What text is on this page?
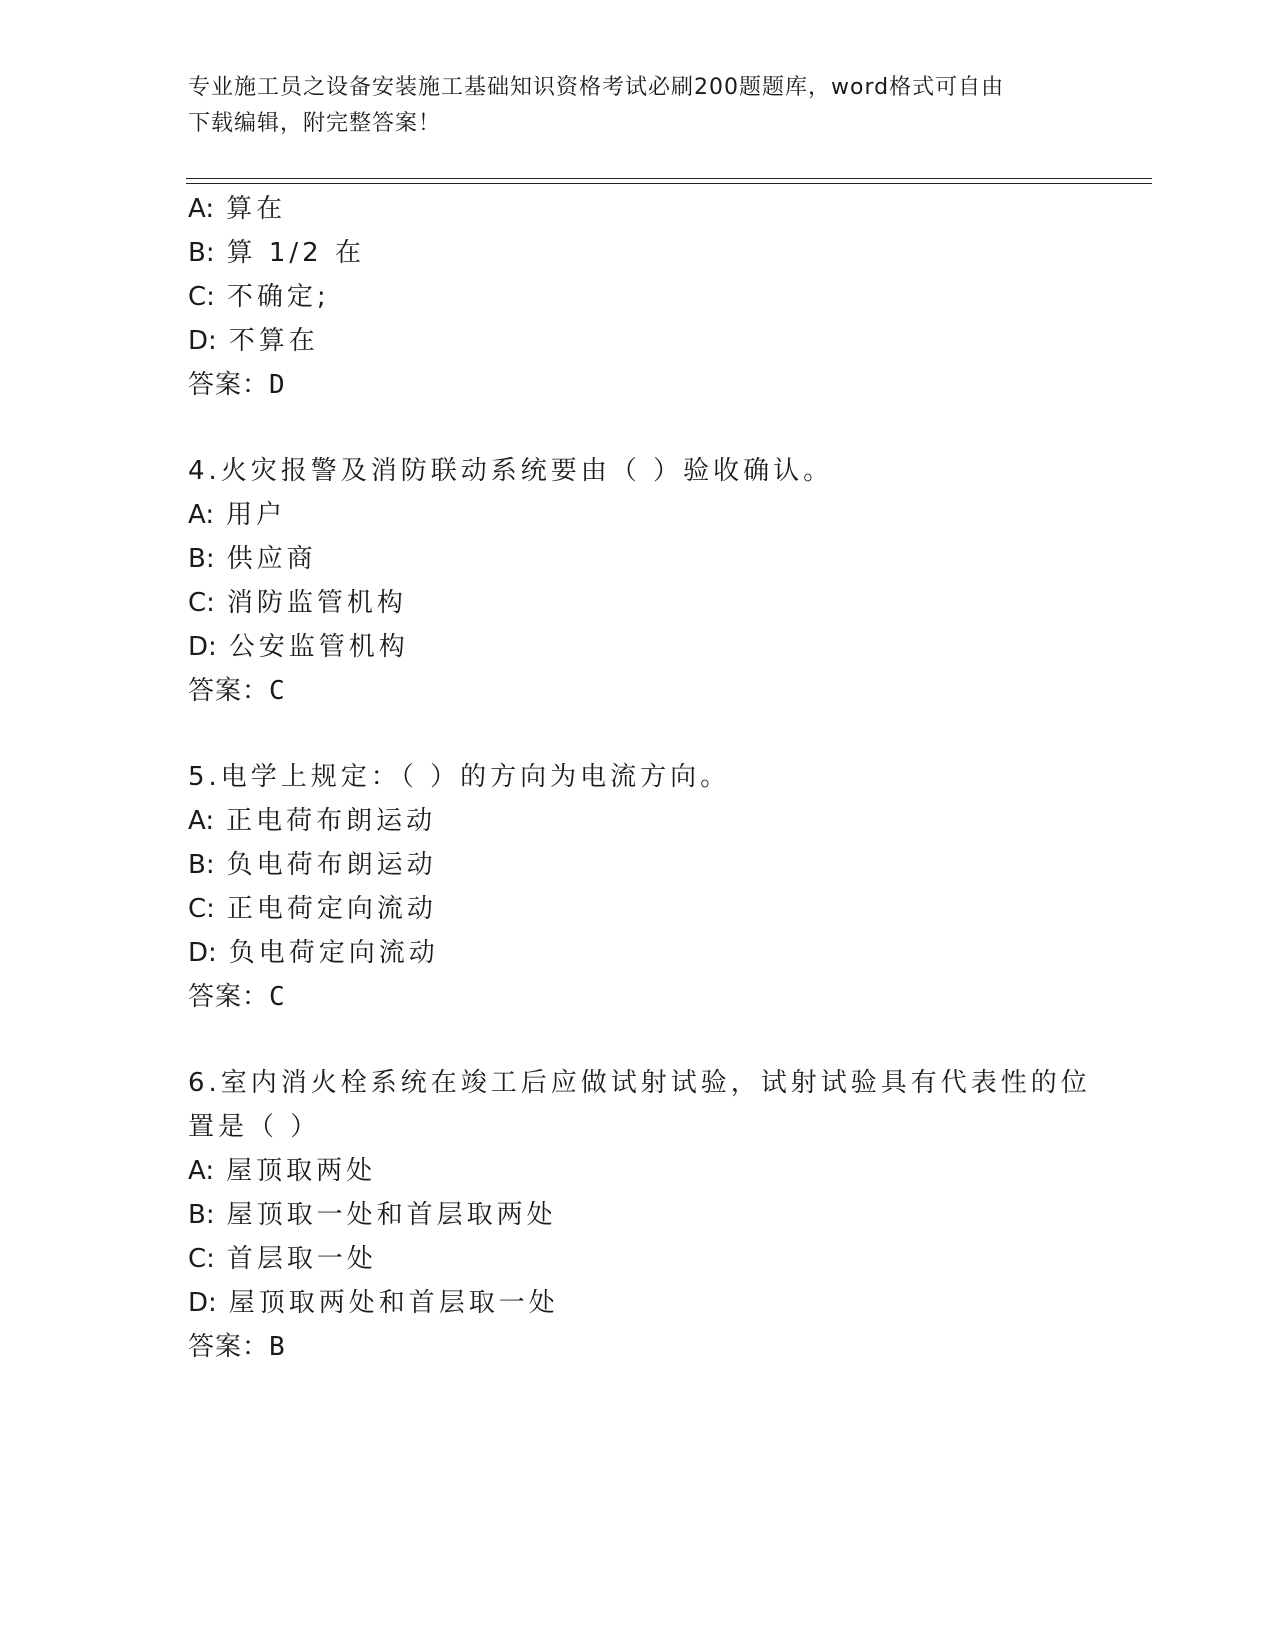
专业施工员之设备安装施工基础知识资格考试必刷200题题库，word格式可自由
下载编辑，附完整答案！
A: 算在
B: 算 1/2 在
C: 不确定;
D: 不算在
答案：D
4.火灾报警及消防联动系统要由（ ）验收确认。
A: 用户
B: 供应商
C: 消防监管机构
D: 公安监管机构
答案：C
5.电学上规定：（ ）的方向为电流方向。
A: 正电荷布朗运动
B: 负电荷布朗运动
C: 正电荷定向流动
D: 负电荷定向流动
答案：C
6.室内消火栓系统在竣工后应做试射试验，试射试验具有代表性的位
置是（ ）
A: 屋顶取两处
B: 屋顶取一处和首层取两处
C: 首层取一处
D: 屋顶取两处和首层取一处
答案：B
